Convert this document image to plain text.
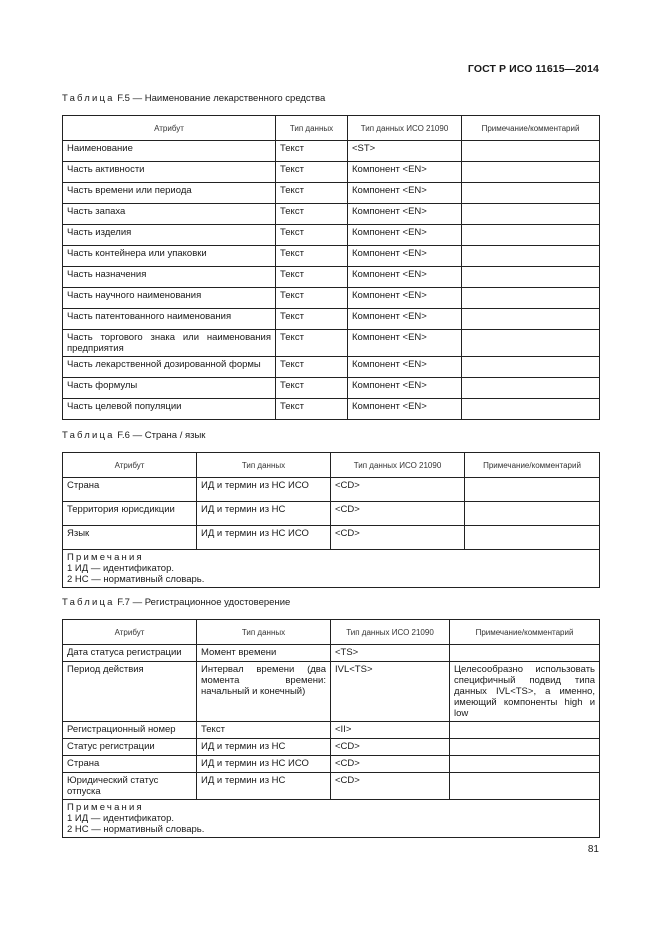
ГОСТ Р ИСО 11615—2014
Таблица F.5 — Наименование лекарственного средства
Атрибут	Тип данных	Тип данных ИСО 21090	Примечание/комментарий
Наименование	Текст	<ST>	
Часть активности	Текст	Компонент <EN>	
Часть времени или периода	Текст	Компонент <EN>	
Часть запаха	Текст	Компонент <EN>	
Часть изделия	Текст	Компонент <EN>	
Часть контейнера или упаковки	Текст	Компонент <EN>	
Часть назначения	Текст	Компонент <EN>	
Часть научного наименования	Текст	Компонент <EN>	
Часть патентованного наименования	Текст	Компонент <EN>	
Часть торгового знака или наименования предприятия	Текст	Компонент <EN>	
Часть лекарственной дозированной формы	Текст	Компонент <EN>	
Часть формулы	Текст	Компонент <EN>	
Часть целевой популяции	Текст	Компонент <EN>	
Таблица F.6 — Страна / язык
Атрибут	Тип данных	Тип данных ИСО 21090	Примечание/комментарий
Страна	ИД и термин из НС ИСО	<CD>	
Территория юрисдикции	ИД и термин из НС	<CD>	
Язык	ИД и термин из НС ИСО	<CD>	

Примечания
1 ИД — идентификатор.
2 НС — нормативный словарь.			
Таблица F.7 — Регистрационное удостоверение
Атрибут	Тип данных	Тип данных ИСО 21090	Примечание/комментарий
Дата статуса регистрации	Момент времени	<TS>	
Период действия	Интервал времени (два момента времени: начальный и конечный)	IVL<TS>	Целесообразно использовать специфичный подвид типа данных IVL<TS>, а именно, имеющий компоненты high и low
Регистрационный номер	Текст	<II>	
Статус регистрации	ИД и термин из НС	<CD>	
Страна	ИД и термин из НС ИСО	<CD>	
Юридический статус отпуска	ИД и термин из НС	<CD>	

Примечания
1 ИД — идентификатор.
2 НС — нормативный словарь.			
81
